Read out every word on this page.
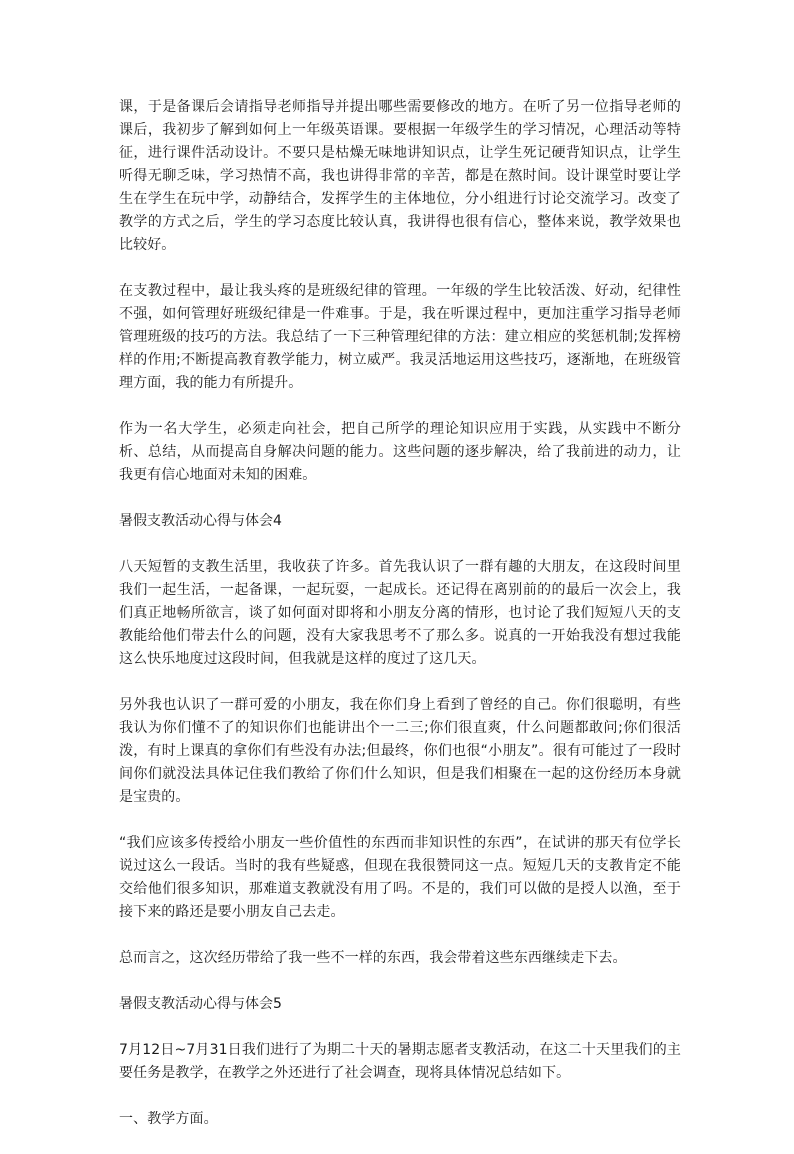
课，于是备课后会请指导老师指导并提出哪些需要修改的地方。在听了另一位指导老师的课后，我初步了解到如何上一年级英语课。要根据一年级学生的学习情况，心理活动等特征，进行课件活动设计。不要只是枯燥无味地讲知识点，让学生死记硬背知识点，让学生听得无聊乏味，学习热情不高，我也讲得非常的辛苦，都是在熬时间。设计课堂时要让学生在学生在玩中学，动静结合，发挥学生的主体地位，分小组进行讨论交流学习。改变了教学的方式之后，学生的学习态度比较认真，我讲得也很有信心，整体来说，教学效果也比较好。

在支教过程中，最让我头疼的是班级纪律的管理。一年级的学生比较活泼、好动，纪律性不强，如何管理好班级纪律是一件难事。于是，我在听课过程中，更加注重学习指导老师管理班级的技巧的方法。我总结了一下三种管理纪律的方法：建立相应的奖惩机制;发挥榜样的作用;不断提高教育教学能力，树立威严。我灵活地运用这些技巧，逐渐地，在班级管理方面，我的能力有所提升。

作为一名大学生，必须走向社会，把自己所学的理论知识应用于实践，从实践中不断分析、总结，从而提高自身解决问题的能力。这些问题的逐步解决，给了我前进的动力，让我更有信心地面对未知的困难。

暑假支教活动心得与体会4

八天短暂的支教生活里，我收获了许多。首先我认识了一群有趣的大朋友，在这段时间里我们一起生活，一起备课，一起玩耍，一起成长。还记得在离别前的的最后一次会上，我们真正地畅所欲言，谈了如何面对即将和小朋友分离的情形，也讨论了我们短短八天的支教能给他们带去什么的问题，没有大家我思考不了那么多。说真的一开始我没有想过我能这么快乐地度过这段时间，但我就是这样的度过了这几天。

另外我也认识了一群可爱的小朋友，我在你们身上看到了曾经的自己。你们很聪明，有些我认为你们懂不了的知识你们也能讲出个一二三;你们很直爽，什么问题都敢问;你们很活泼，有时上课真的拿你们有些没有办法;但最终，你们也很“小朋友”。很有可能过了一段时间你们就没法具体记住我们教给了你们什么知识，但是我们相聚在一起的这份经历本身就是宝贵的。

“我们应该多传授给小朋友一些价值性的东西而非知识性的东西”，在试讲的那天有位学长说过这么一段话。当时的我有些疑惑，但现在我很赞同这一点。短短几天的支教肯定不能交给他们很多知识，那难道支教就没有用了吗。不是的，我们可以做的是授人以渔，至于接下来的路还是要小朋友自己去走。

总而言之，这次经历带给了我一些不一样的东西，我会带着这些东西继续走下去。

暑假支教活动心得与体会5

7月12日~7月31日我们进行了为期二十天的暑期志愿者支教活动，在这二十天里我们的主要任务是教学，在教学之外还进行了社会调查，现将具体情况总结如下。

一、教学方面。
